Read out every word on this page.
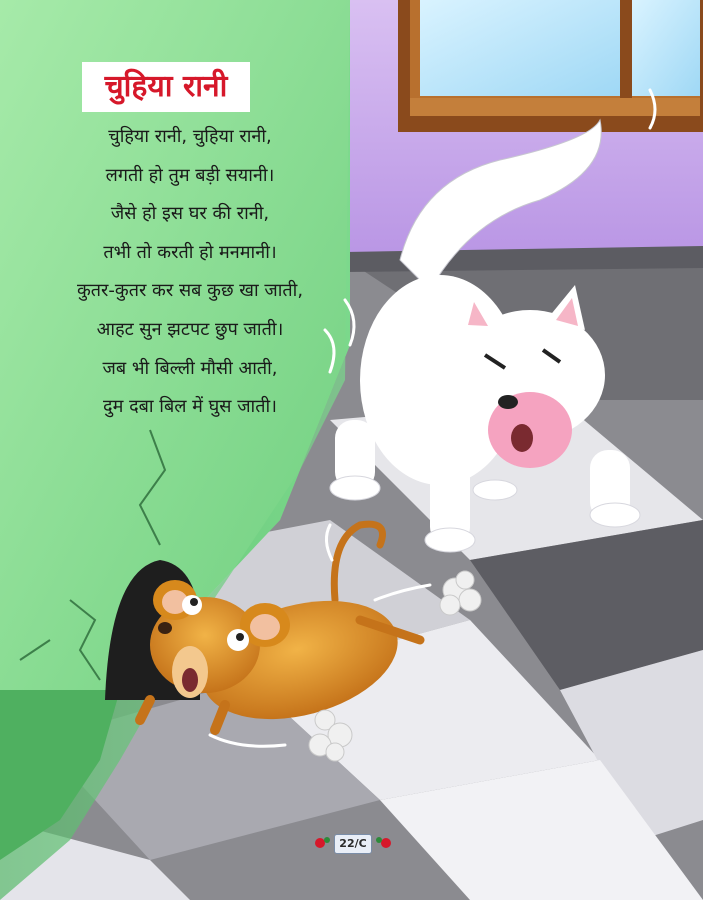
चुहिया रानी
चुहिया रानी, चुहिया रानी,
लगती हो तुम बड़ी सयानी।
जैसे हो इस घर की रानी,
तभी तो करती हो मनमानी।
कुतर-कुतर कर सब कुछ खा जाती,
आहट सुन झटपट छुप जाती।
जब भी बिल्ली मौसी आती,
दुम दबा बिल में घुस जाती।
22/C
